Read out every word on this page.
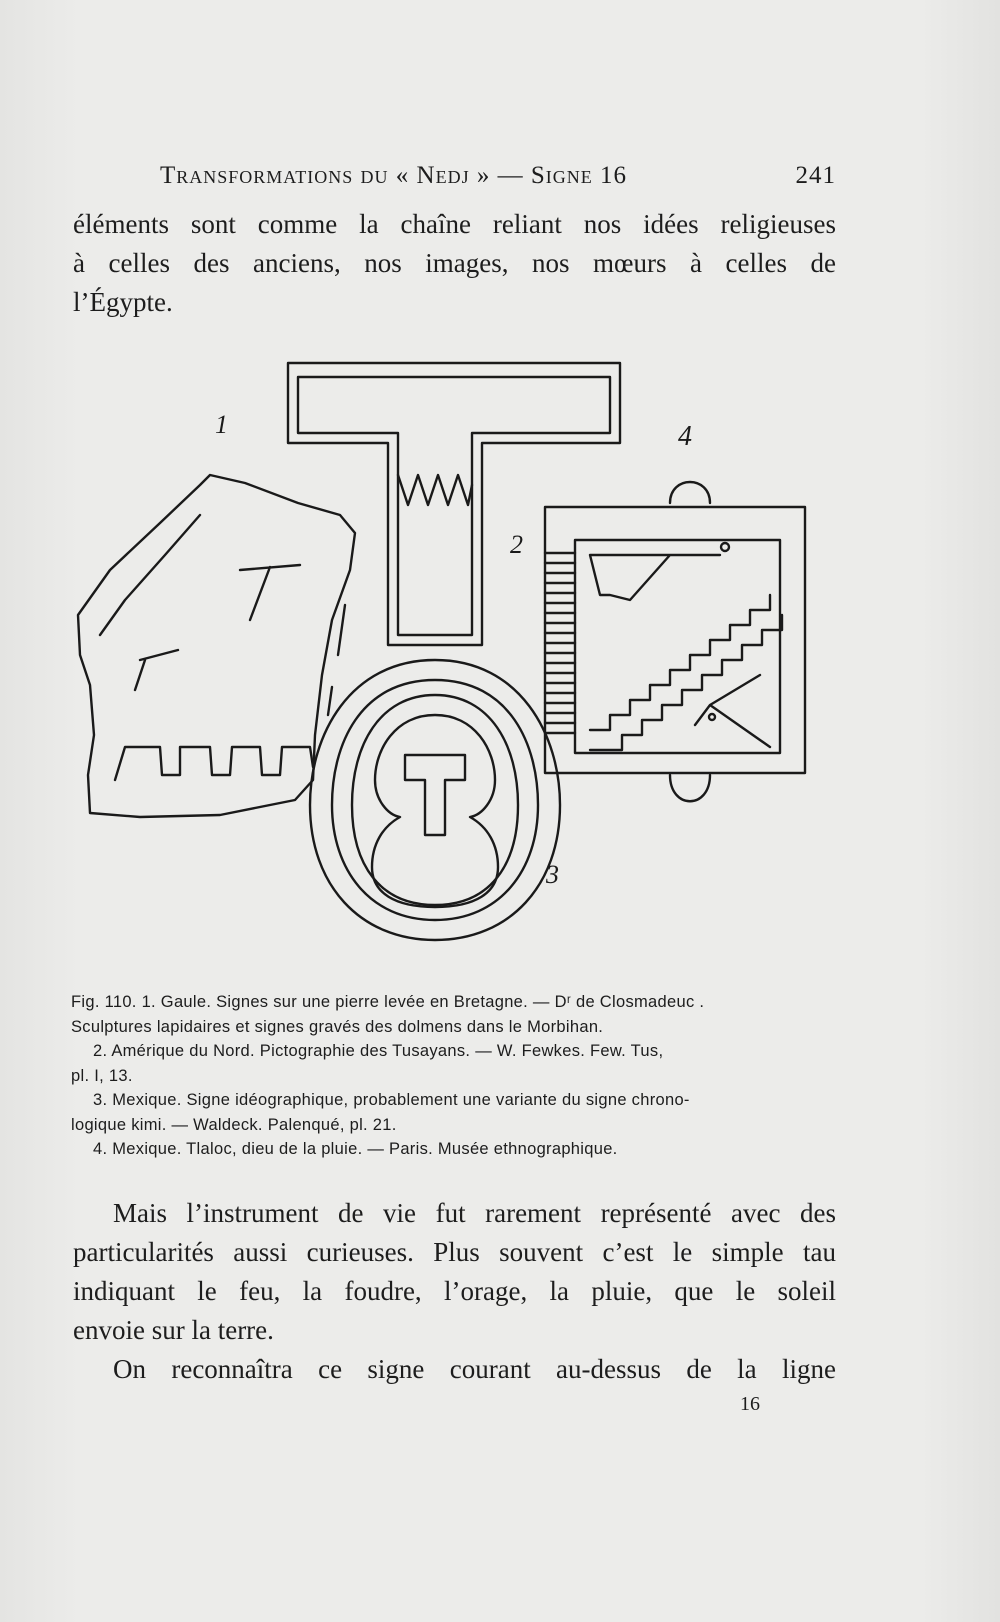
Transformations du « Nedj » — Signe 16	241
éléments sont comme la chaîne reliant nos idées religieuses
à celles des anciens, nos images, nos mœurs à celles de
l’Égypte.
1
2
3
4
Fig. 110. 1. Gaule. Signes sur une pierre levée en Bretagne. — Dʳ de Closmadeuc .
Sculptures lapidaires et signes gravés des dolmens dans le Morbihan.
2. Amérique du Nord. Pictographie des Tusayans. — W. Fewkes. Few. Tus,
pl. I, 13.
3. Mexique. Signe idéographique, probablement une variante du signe chrono-
logique kimi. — Waldeck. Palenqué, pl. 21.
4. Mexique. Tlaloc, dieu de la pluie. — Paris. Musée ethnographique.
Mais l’instrument de vie fut rarement représenté avec des
particularités aussi curieuses. Plus souvent c’est le simple tau
indiquant le feu, la foudre, l’orage, la pluie, que le soleil
envoie sur la terre.
On reconnaîtra ce signe courant au-dessus de la ligne
16
